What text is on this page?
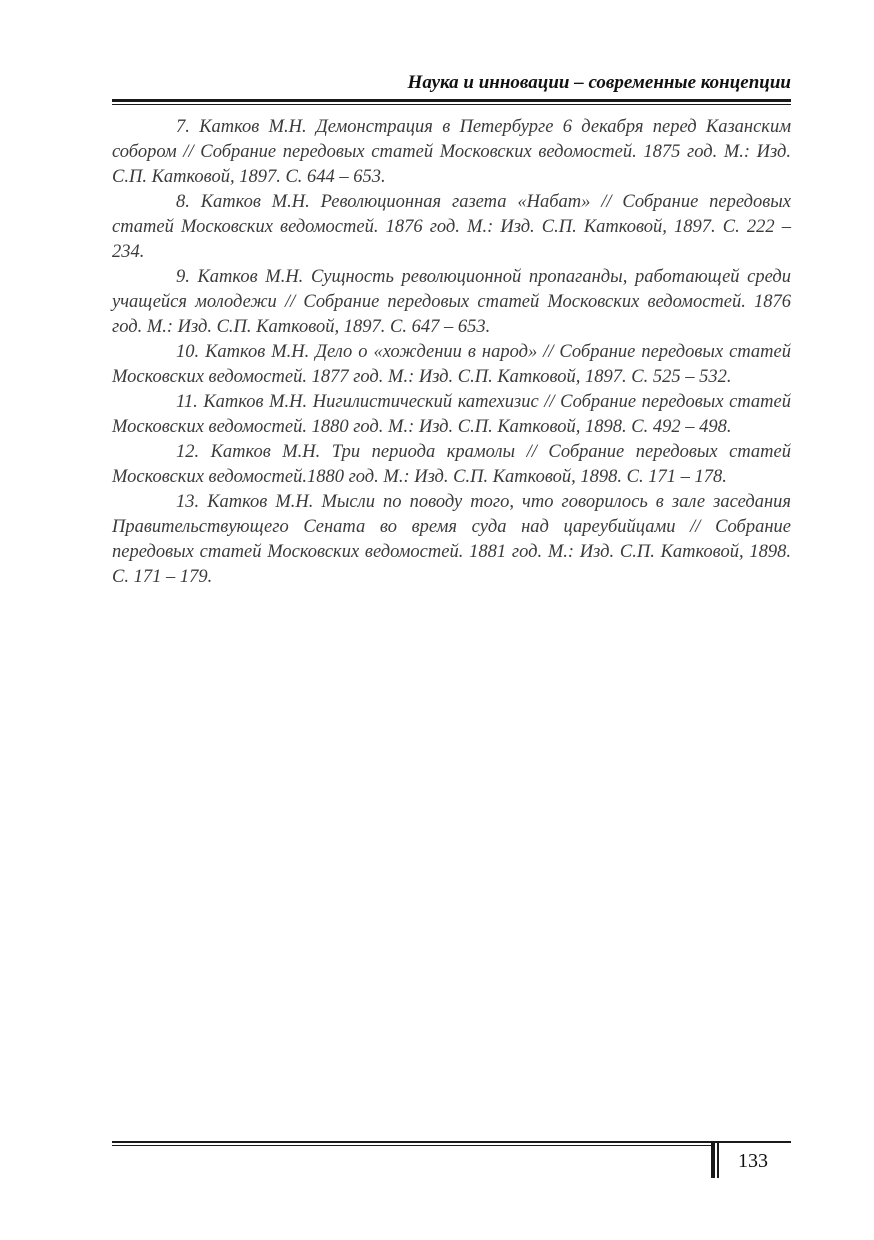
Наука и инновации – современные концепции

7. Катков М.Н. Демонстрация в Петербурге 6 декабря перед Казанским собором // Собрание передовых статей Московских ведомостей. 1875 год. М.: Изд. С.П. Катковой, 1897. С. 644 – 653.

8. Катков М.Н. Революционная газета «Набат» // Собрание передовых статей Московских ведомостей. 1876 год. М.: Изд. С.П. Катковой, 1897. С. 222 – 234.

9. Катков М.Н. Сущность революционной пропаганды, работающей среди учащейся молодежи // Собрание передовых статей Московских ведомостей. 1876 год. М.: Изд. С.П. Катковой, 1897. С. 647 – 653.

10. Катков М.Н. Дело о «хождении в народ» // Собрание передовых статей Московских ведомостей. 1877 год. М.: Изд. С.П. Катковой, 1897. С. 525 – 532.

11. Катков М.Н. Нигилистический катехизис // Собрание передовых статей Московских ведомостей. 1880 год. М.: Изд. С.П. Катковой, 1898. С. 492 – 498.

12. Катков М.Н. Три периода крамолы // Собрание передовых статей Московских ведомостей.1880 год. М.: Изд. С.П. Катковой, 1898. С. 171 – 178.

13. Катков М.Н. Мысли по поводу того, что говорилось в зале заседания Правительствующего Сената во время суда над цареубийцами // Собрание передовых статей Московских ведомостей. 1881 год. М.: Изд. С.П. Катковой, 1898. С. 171 – 179.

133
